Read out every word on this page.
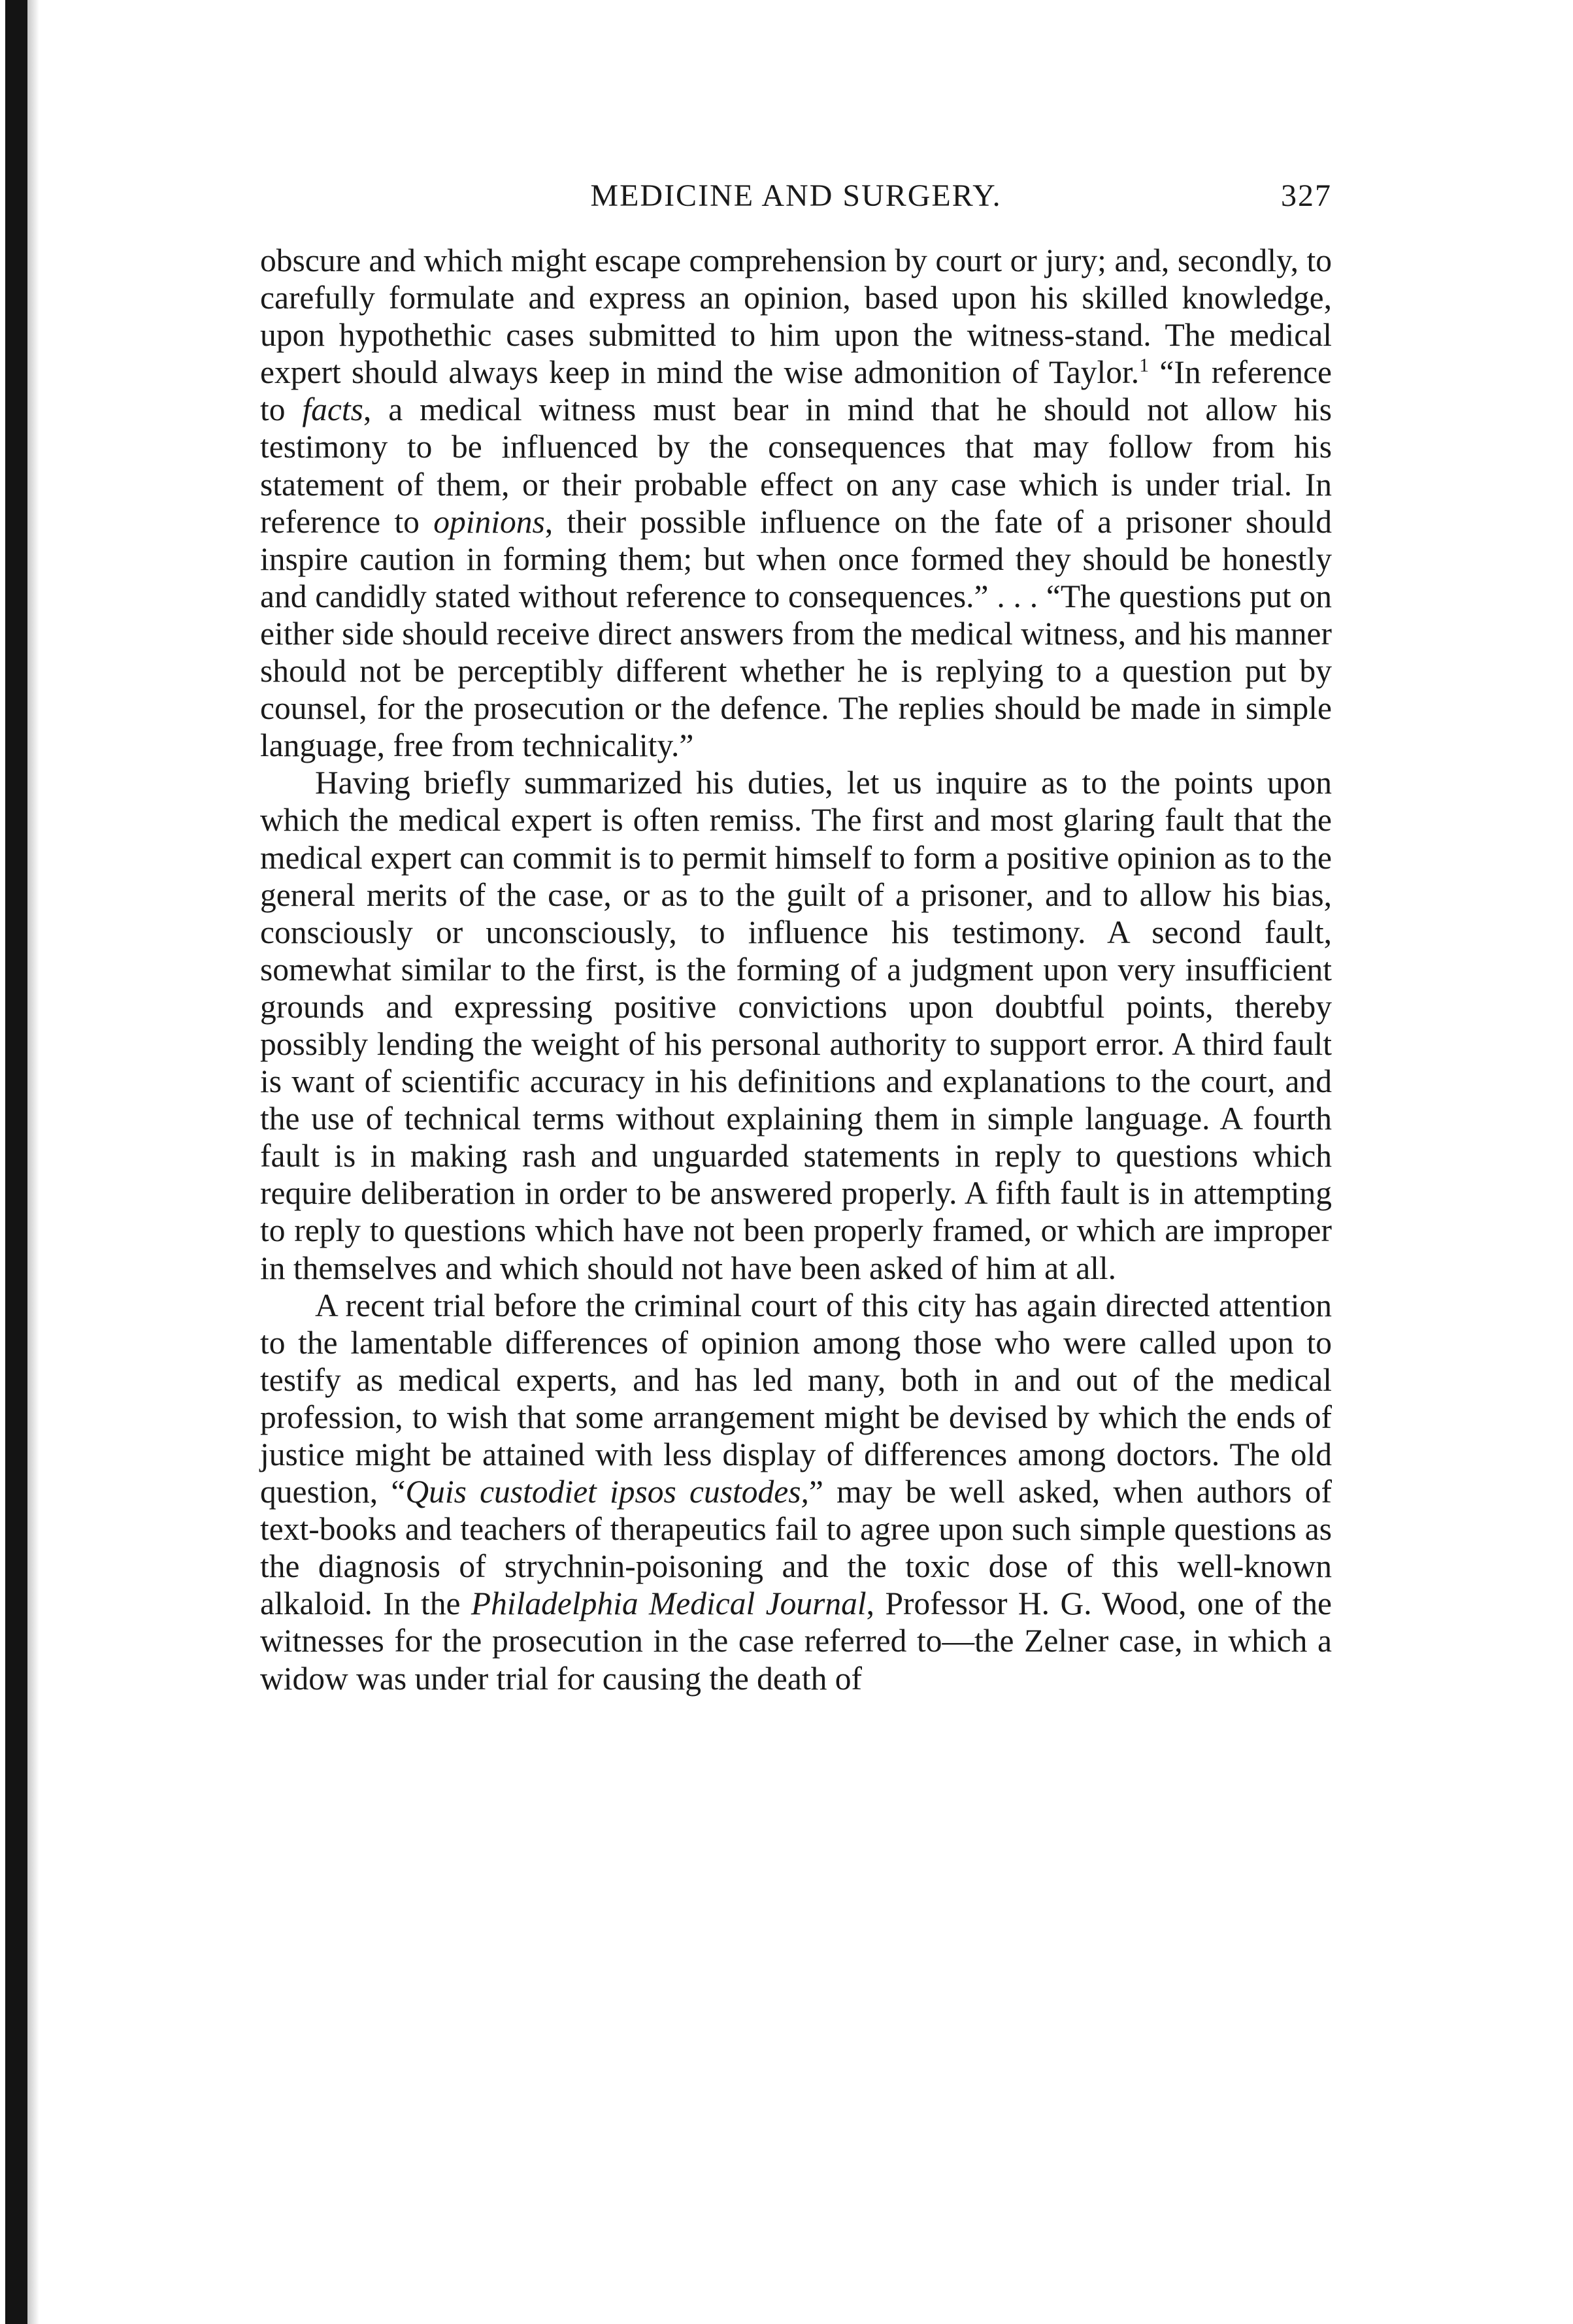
MEDICINE AND SURGERY.	327

obscure and which might escape comprehension by court or jury; and, secondly, to carefully formulate and express an opinion, based upon his skilled knowledge, upon hypothethic cases submitted to him upon the witness-stand. The medical expert should always keep in mind the wise admonition of Taylor.$^1$ “In reference to facts, a medical witness must bear in mind that he should not allow his testimony to be influenced by the consequences that may follow from his statement of them, or their probable effect on any case which is under trial. In reference to opinions, their possible influence on the fate of a prisoner should inspire caution in forming them; but when once formed they should be honestly and candidly stated without reference to consequences.” . . . “The questions put on either side should receive direct answers from the medical witness, and his manner should not be perceptibly different whether he is replying to a question put by counsel, for the prosecution or the defence. The replies should be made in simple language, free from technicality.”

Having briefly summarized his duties, let us inquire as to the points upon which the medical expert is often remiss. The first and most glaring fault that the medical expert can commit is to permit himself to form a positive opinion as to the general merits of the case, or as to the guilt of a prisoner, and to allow his bias, consciously or unconsciously, to influence his testimony. A second fault, somewhat similar to the first, is the forming of a judgment upon very insufficient grounds and expressing positive convictions upon doubtful points, thereby possibly lending the weight of his personal authority to support error. A third fault is want of scientific accuracy in his definitions and explanations to the court, and the use of technical terms without explaining them in simple language. A fourth fault is in making rash and unguarded statements in reply to questions which require deliberation in order to be answered properly. A fifth fault is in attempting to reply to questions which have not been properly framed, or which are improper in themselves and which should not have been asked of him at all.

A recent trial before the criminal court of this city has again directed attention to the lamentable differences of opinion among those who were called upon to testify as medical experts, and has led many, both in and out of the medical profession, to wish that some arrangement might be devised by which the ends of justice might be attained with less display of differences among doctors. The old question, “Quis custodiet ipsos custodes,” may be well asked, when authors of text-books and teachers of therapeutics fail to agree upon such simple questions as the diagnosis of strychnin-poisoning and the toxic dose of this well-known alkaloid. In the Philadelphia Medical Journal, Professor H. G. Wood, one of the witnesses for the prosecution in the case referred to—the Zelner case, in which a widow was under trial for causing the death of
